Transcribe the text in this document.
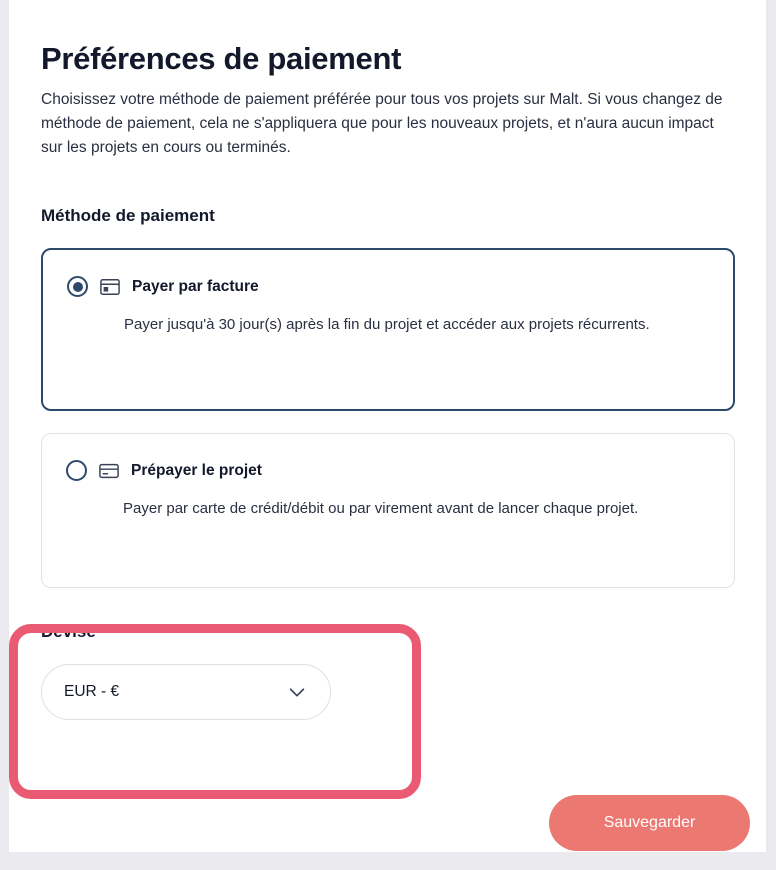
Préférences de paiement

Choisissez votre méthode de paiement préférée pour tous vos projets sur Malt. Si vous changez de méthode de paiement, cela ne s'appliquera que pour les nouveaux projets, et n'aura aucun impact sur les projets en cours ou terminés.

Méthode de paiement
Payer par facture
Payer jusqu'à 30 jour(s) après la fin du projet et accéder aux projets récurrents.
Prépayer le projet
Payer par carte de crédit/débit ou par virement avant de lancer chaque projet.
Devise
EUR - €
Sauvegarder
